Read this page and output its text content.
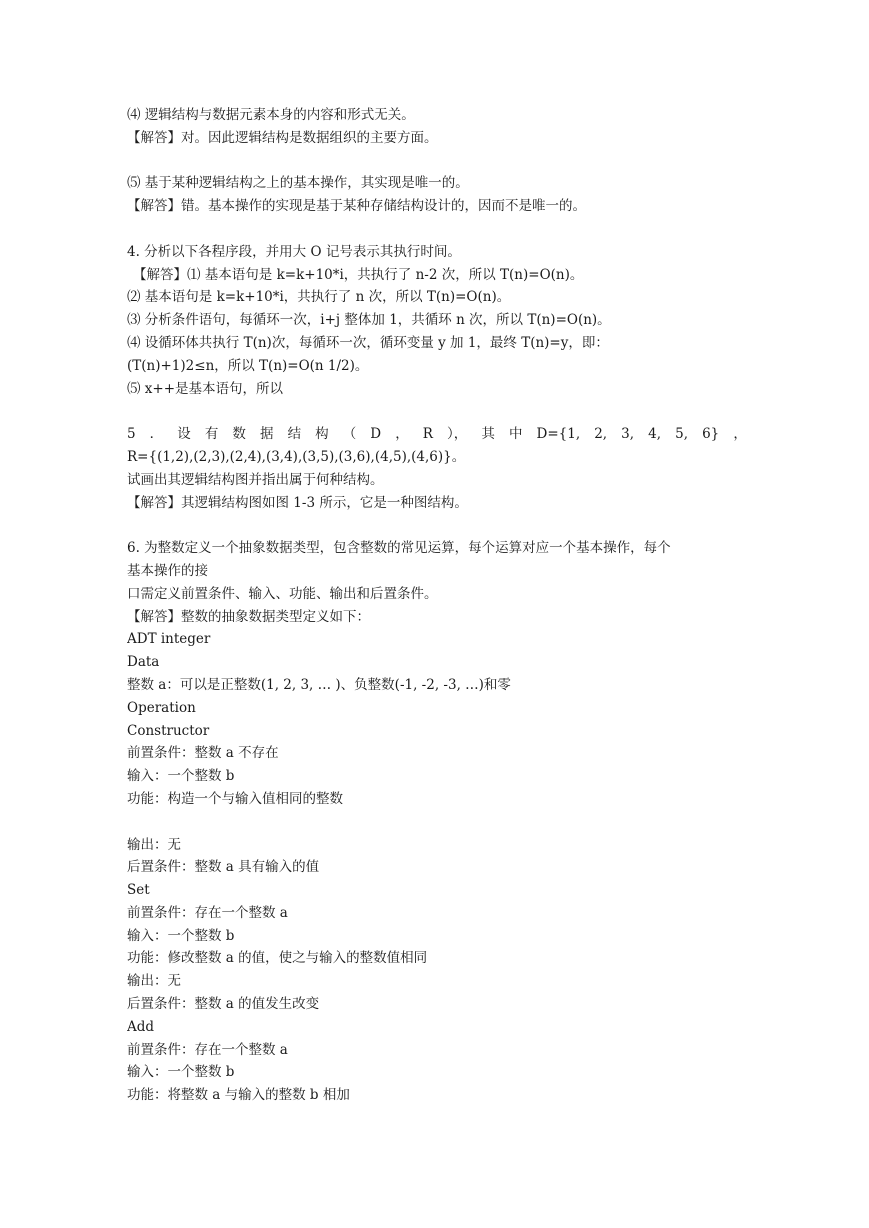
⑷ 逻辑结构与数据元素本身的内容和形式无关。
【解答】对。因此逻辑结构是数据组织的主要方面。
⑸ 基于某种逻辑结构之上的基本操作，其实现是唯一的。
【解答】错。基本操作的实现是基于某种存储结构设计的，因而不是唯一的。
4. 分析以下各程序段，并用大 O 记号表示其执行时间。
【解答】⑴ 基本语句是 k=k+10*i，共执行了 n-2 次，所以 T(n)=O(n)。
⑵ 基本语句是 k=k+10*i，共执行了 n 次，所以 T(n)=O(n)。
⑶ 分析条件语句，每循环一次，i+j 整体加 1，共循环 n 次，所以 T(n)=O(n)。
⑷ 设循环体共执行 T(n)次，每循环一次，循环变量 y 加 1，最终 T(n)=y，即：
(T(n)+1)2≤n，所以 T(n)=O(n 1/2)。
⑸ x++是基本语句，所以
5 ． 设 有 数 据 结 构 （ D ， R ）， 其 中 D={1, 2, 3, 4, 5, 6} ，
R={(1,2),(2,3),(2,4),(3,4),(3,5),(3,6),(4,5),(4,6)}。
试画出其逻辑结构图并指出属于何种结构。
【解答】其逻辑结构图如图 1-3 所示，它是一种图结构。
6. 为整数定义一个抽象数据类型，包含整数的常见运算，每个运算对应一个基本操作，每个
基本操作的接
口需定义前置条件、输入、功能、输出和后置条件。
【解答】整数的抽象数据类型定义如下：
ADT integer
Data
整数 a：可以是正整数(1, 2, 3, … )、负整数(-1, -2, -3, …)和零
Operation
Constructor
前置条件：整数 a 不存在
输入：一个整数 b
功能：构造一个与输入值相同的整数
输出：无
后置条件：整数 a 具有输入的值
Set
前置条件：存在一个整数 a
输入：一个整数 b
功能：修改整数 a 的值，使之与输入的整数值相同
输出：无
后置条件：整数 a 的值发生改变
Add
前置条件：存在一个整数 a
输入：一个整数 b
功能：将整数 a 与输入的整数 b 相加
